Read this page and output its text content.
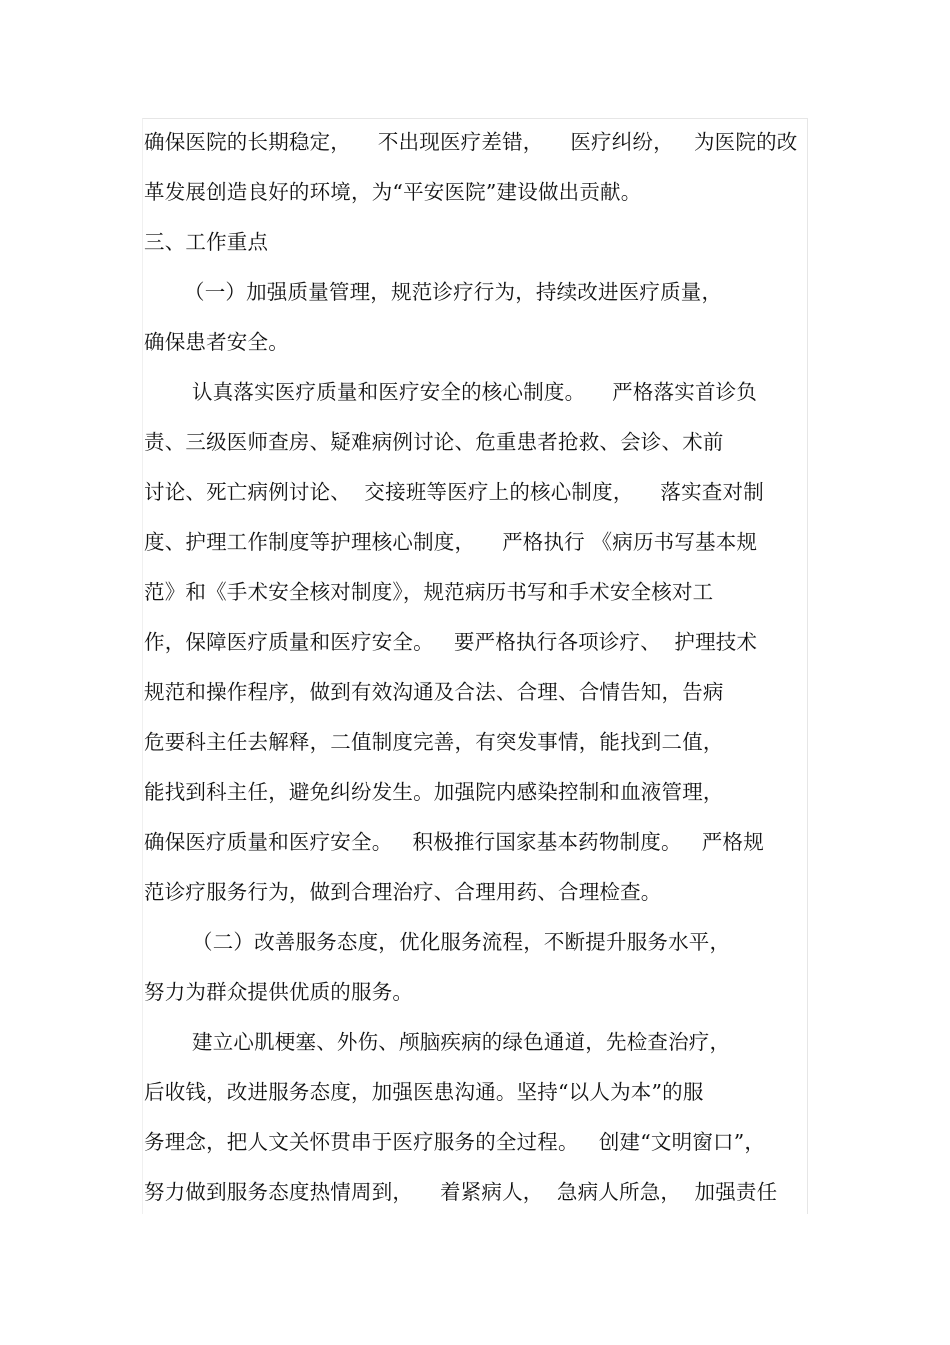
确保医院的长期稳定，    不出现医疗差错，    医疗纠纷，   为医院的改
革发展创造良好的环境，为“平安医院”建设做出贡献。
三、工作重点
（一）加强质量管理，规范诊疗行为，持续改进医疗质量，
确保患者安全。
认真落实医疗质量和医疗安全的核心制度。    严格落实首诊负
责、三级医师查房、疑难病例讨论、危重患者抢救、会诊、术前
讨论、死亡病例讨论、  交接班等医疗上的核心制度，    落实查对制
度、护理工作制度等护理核心制度，    严格执行 《病历书写基本规
范》和《手术安全核对制度》，规范病历书写和手术安全核对工
作，保障医疗质量和医疗安全。   要严格执行各项诊疗、  护理技术
规范和操作程序，做到有效沟通及合法、合理、合情告知，告病
危要科主任去解释，二值制度完善，有突发事情，能找到二值，
能找到科主任，避免纠纷发生。加强院内感染控制和血液管理，
确保医疗质量和医疗安全。   积极推行国家基本药物制度。   严格规
范诊疗服务行为，做到合理治疗、合理用药、合理检查。
（二）改善服务态度，优化服务流程，不断提升服务水平，
努力为群众提供优质的服务。
建立心肌梗塞、外伤、颅脑疾病的绿色通道，先检查治疗，
后收钱，改进服务态度，加强医患沟通。坚持“以人为本”的服
务理念，把人文关怀贯串于医疗服务的全过程。   创建“文明窗口”，
努力做到服务态度热情周到，    着紧病人，  急病人所急，  加强责任
